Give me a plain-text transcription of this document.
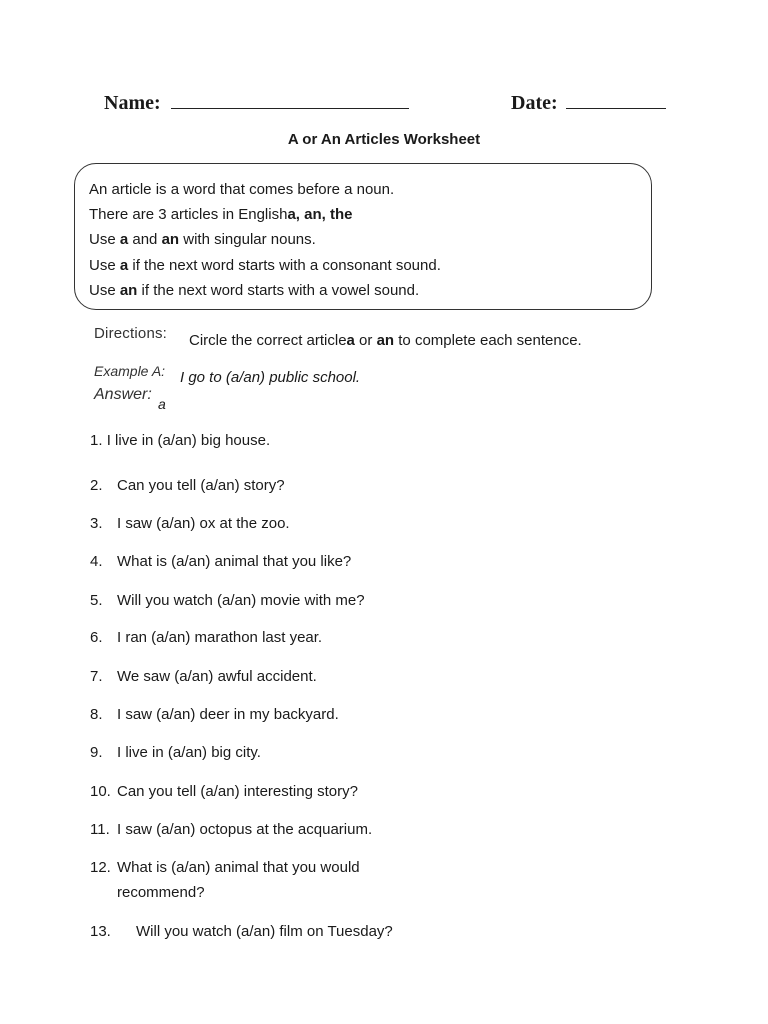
Name:	Date:
A or An Articles Worksheet
An article is a word that comes before a noun.
There are 3 articles in Englisha, an, the
Use a and an with singular nouns.
Use a if the next word starts with a consonant sound.
Use an if the next word starts with a vowel sound.
Directions: Circle the correct articlea or an to complete each sentence.
Example A: I go to (a/an) public school.
Answer:
a
1. I live in (a/an) big house.
2. Can you tell (a/an) story?
3. I saw (a/an) ox at the zoo.
4. What is (a/an) animal that you like?
5. Will you watch (a/an) movie with me?
6. I ran (a/an) marathon last year.
7. We saw (a/an) awful accident.
8. I saw (a/an) deer in my backyard.
9. I live in (a/an) big city.
10. Can you tell (a/an) interesting story?
11. I saw (a/an) octopus at the acquarium.
12. What is (a/an) animal that you would
recommend?
13. Will you watch (a/an) film on Tuesday?
